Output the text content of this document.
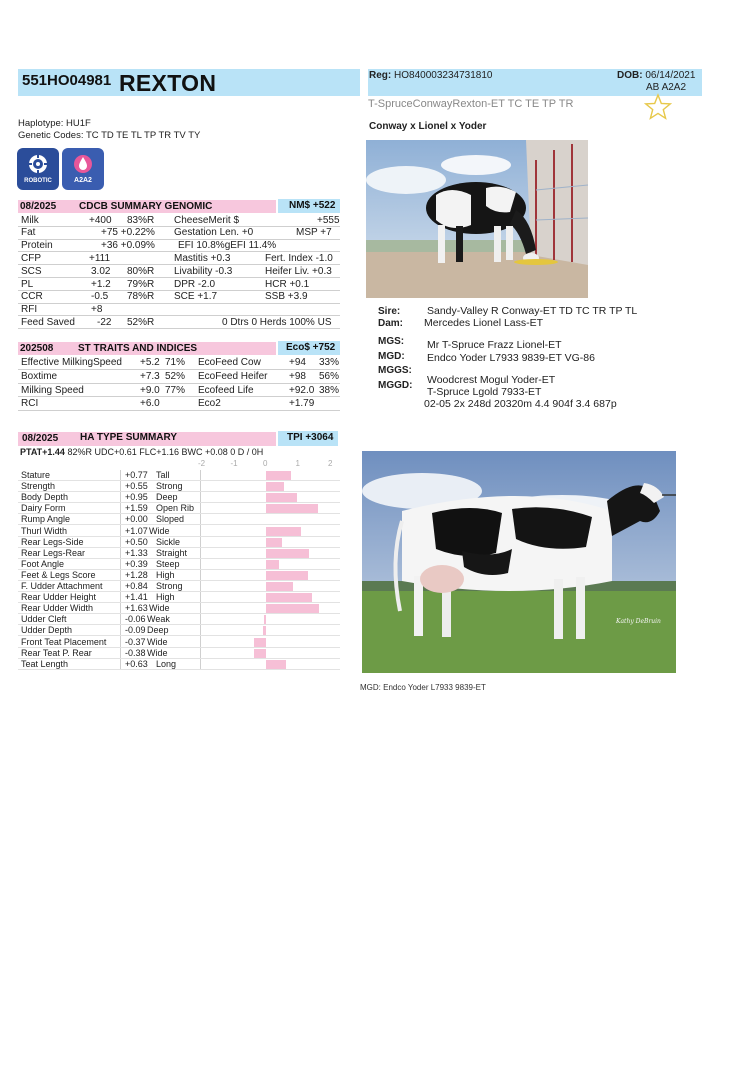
551HO04981 REXTON	Reg: HO840003234731810	DOB: 06/14/2021
AB A2A2
T-SpruceConwayRexton-ET TC TE TP TR
Conway x Lionel x Yoder
Haplotype: HU1F
Genetic Codes: TC TD TE TL TP TR TV TY
ROBOTIC	A2A2
08/2025 CDCB SUMMARY GENOMIC	NM$ +522
Milk	+400 83%R CheeseMerit $	+555
Fat	+75 +0.22% Gestation Len. +0	MSP +7
Protein	+36 +0.09% EFI 10.8%gEFI 11.4%
CFP	+111	Mastitis +0.3	Fert. Index -1.0
SCS	3.02 80%R Livability -0.3	Heifer Liv. +0.3
PL	+1.2 79%R DPR -2.0	HCR +0.1
CCR	-0.5 78%R SCE +1.7	SSB +3.9
RFI	+8
Feed Saved -22 52%R	0 Dtrs 0 Herds 100% US
202508 ST TRAITS AND INDICES	Eco$ +752
Effective MilkingSpeed +5.2 71% EcoFeed Cow	+94 33%
Boxtime	+7.3 52% EcoFeed Heifer +98 56%
Milking Speed	+9.0 77% Ecofeed Life	+92.0 38%
RCI	+6.0	Eco2	+1.79
08/2025 HA TYPE SUMMARY	TPI +3064
PTAT+1.44 82%R UDC+0.61 FLC+1.16 BWC +0.08 0 D / 0H
-2	-1	0	1	2
Stature	+0.77 Tall
Strength	+0.55 Strong
Body Depth	+0.95 Deep
Dairy Form	+1.59 Open Rib
Rump Angle	+0.00 Sloped
Thurl Width	+1.07 Wide
Rear Legs-Side	+0.50 Sickle
Rear Legs-Rear	+1.33 Straight
Foot Angle	+0.39 Steep
Feet & Legs Score	+1.28 High
F. Udder Attachment +0.84 Strong
Rear Udder Height	+1.41 High
Rear Udder Width	+1.63 Wide
Udder Cleft	-0.06 Weak
Udder Depth	-0.09 Deep
Front Teat Placement -0.37 Wide
Rear Teat P. Rear	-0.38 Wide
Teat Length	+0.63 Long
Kathy DeBruin
MGD: Endco Yoder L7933 9839-ET
Sire:	Sandy-Valley R Conway-ET TD TC TR TP TL
Dam: Mercedes Lionel Lass-ET
MGS: Mr T-Spruce Frazz Lionel-ET
MGD: Endco Yoder L7933 9839-ET VG-86
MGGS:
Woodcrest Mogul Yoder-ET
MGGD:
T-Spruce Lgold 7933-ET
02-05 2x 248d 20320m 4.4 904f 3.4 687p
